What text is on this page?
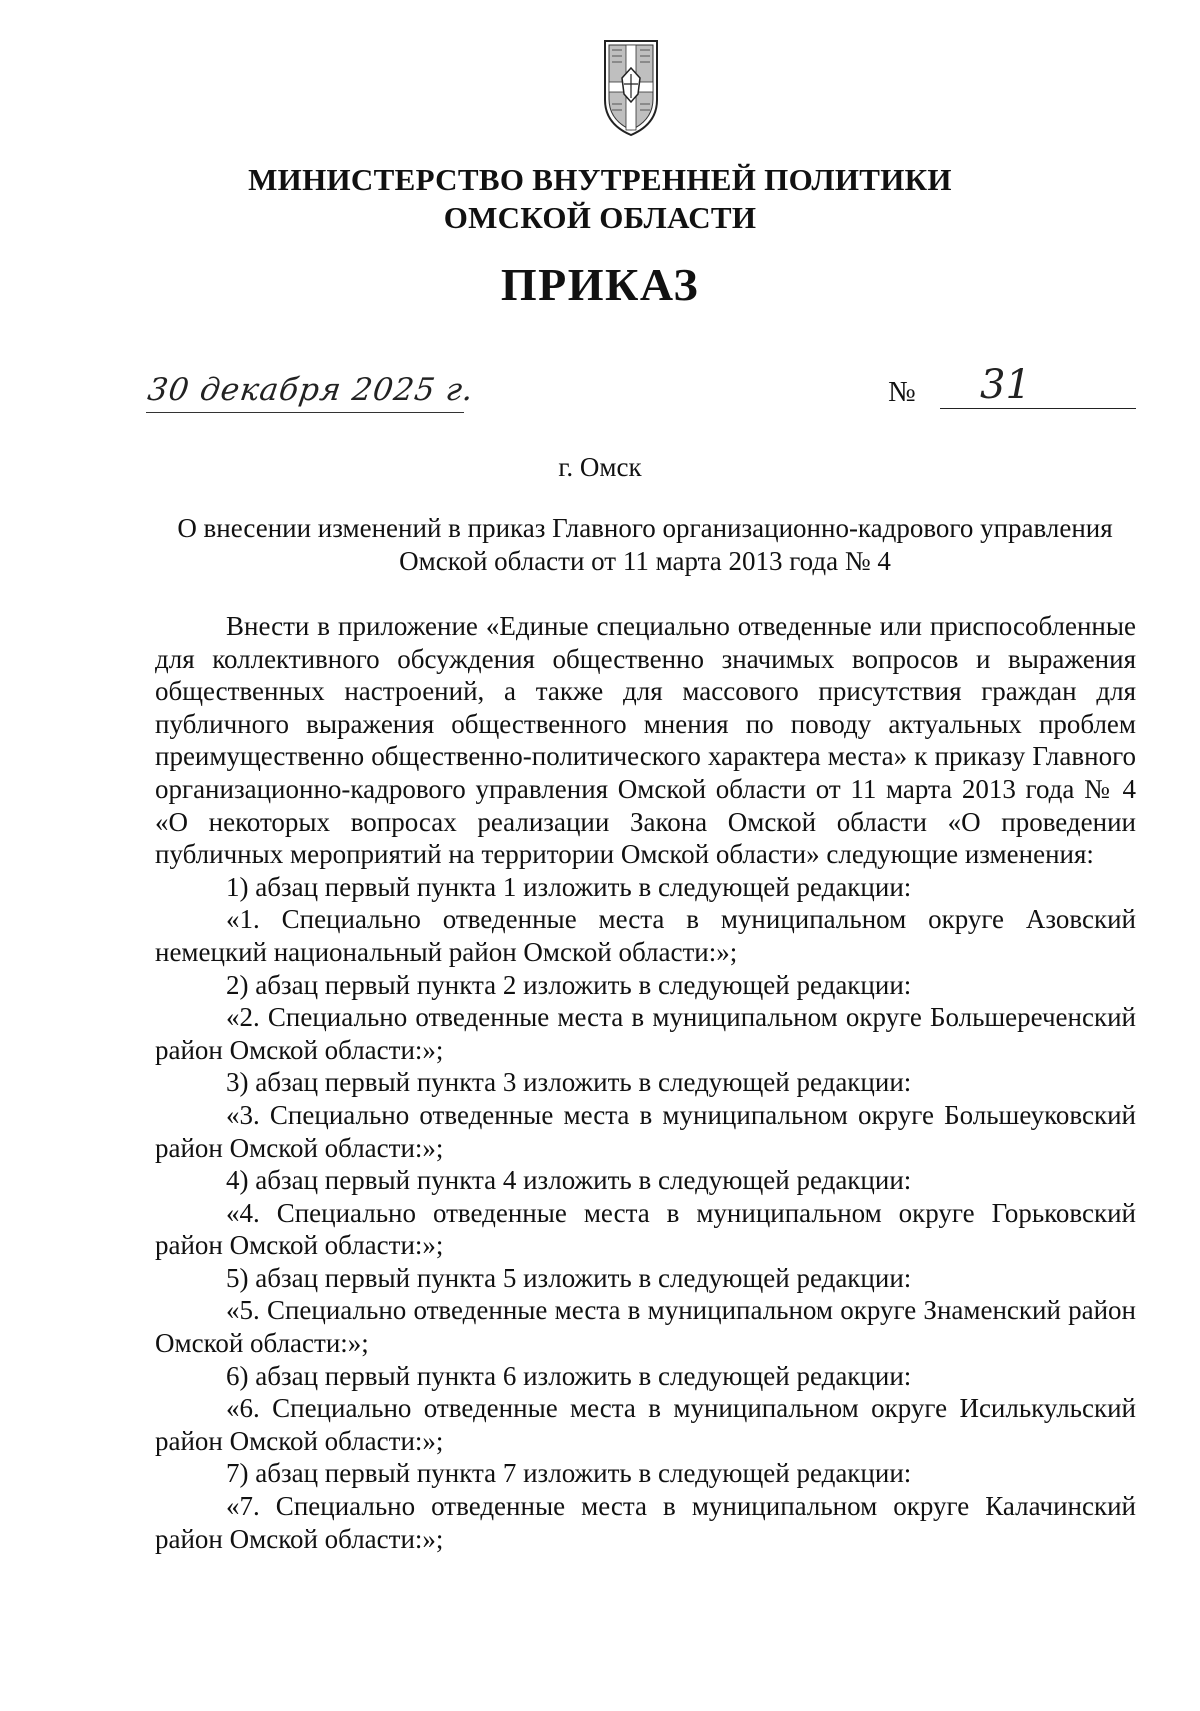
МИНИСТЕРСТВО ВНУТРЕННЕЙ ПОЛИТИКИ
ОМСКОЙ ОБЛАСТИ
ПРИКАЗ
30 декабря 2025 г.	№ 31
г. Омск
О внесении изменений в приказ Главного организационно-кадрового управления Омской области от 11 марта 2013 года № 4

Внести в приложение «Единые специально отведенные или приспособленные для коллективного обсуждения общественно значимых вопросов и выражения общественных настроений, а также для массового присутствия граждан для публичного выражения общественного мнения по поводу актуальных проблем преимущественно общественно-политического характера места» к приказу Главного организационно-кадрового управления Омской области от 11 марта 2013 года № 4 «О некоторых вопросах реализации Закона Омской области «О проведении публичных мероприятий на территории Омской области» следующие изменения:

1) абзац первый пункта 1 изложить в следующей редакции:

«1. Специально отведенные места в муниципальном округе Азовский немецкий национальный район Омской области:»;

2) абзац первый пункта 2 изложить в следующей редакции:

«2. Специально отведенные места в муниципальном округе Большереченский район Омской области:»;

3) абзац первый пункта 3 изложить в следующей редакции:

«3. Специально отведенные места в муниципальном округе Большеуковский район Омской области:»;

4) абзац первый пункта 4 изложить в следующей редакции:

«4. Специально отведенные места в муниципальном округе Горьковский район Омской области:»;

5) абзац первый пункта 5 изложить в следующей редакции:

«5. Специально отведенные места в муниципальном округе Знаменский район Омской области:»;

6) абзац первый пункта 6 изложить в следующей редакции:

«6. Специально отведенные места в муниципальном округе Исилькульский район Омской области:»;

7) абзац первый пункта 7 изложить в следующей редакции:

«7. Специально отведенные места в муниципальном округе Калачинский район Омской области:»;
